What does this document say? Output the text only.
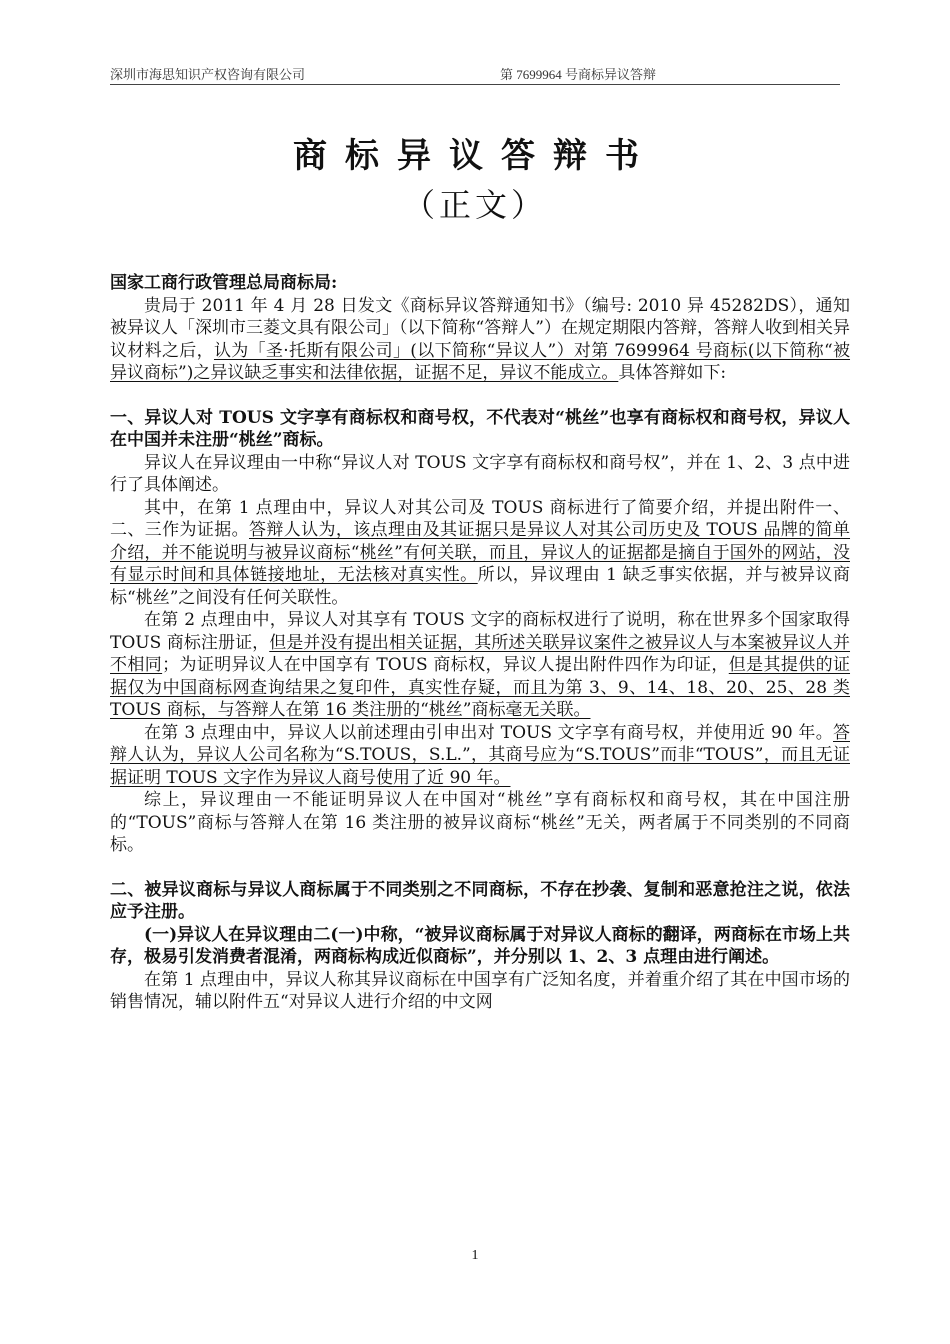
深圳市海思知识产权咨询有限公司	第 7699964 号商标异议答辩
商标异议答辩书
（正文）

国家工商行政管理总局商标局:

贵局于 2011 年 4 月 28 日发文《商标异议答辩通知书》（编号: 2010 异 45282DS），通知被异议人「深圳市三菱文具有限公司」（以下简称“答辩人”）在规定期限内答辩，答辩人收到相关异议材料之后，认为「圣·托斯有限公司」(以下简称“异议人”）对第 7699964 号商标(以下简称“被异议商标”)之异议缺乏事实和法律依据，证据不足，异议不能成立。具体答辩如下:

一、异议人对 TOUS 文字享有商标权和商号权，不代表对“桃丝”也享有商标权和商号权，异议人在中国并未注册“桃丝”商标。

异议人在异议理由一中称“异议人对 TOUS 文字享有商标权和商号权”，并在 1、2、3 点中进行了具体阐述。

其中，在第 1 点理由中，异议人对其公司及 TOUS 商标进行了简要介绍，并提出附件一、二、三作为证据。答辩人认为，该点理由及其证据只是异议人对其公司历史及 TOUS 品牌的简单介绍，并不能说明与被异议商标“桃丝”有何关联，而且，异议人的证据都是摘自于国外的网站，没有显示时间和具体链接地址，无法核对真实性。所以，异议理由 1 缺乏事实依据，并与被异议商标“桃丝”之间没有任何关联性。

在第 2 点理由中，异议人对其享有 TOUS 文字的商标权进行了说明，称在世界多个国家取得 TOUS 商标注册证，但是并没有提出相关证据，其所述关联异议案件之被异议人与本案被异议人并不相同；为证明异议人在中国享有 TOUS 商标权，异议人提出附件四作为印证，但是其提供的证据仅为中国商标网查询结果之复印件，真实性存疑，而且为第 3、9、14、18、20、25、28 类 TOUS 商标，与答辩人在第 16 类注册的“桃丝”商标毫无关联。

在第 3 点理由中，异议人以前述理由引申出对 TOUS 文字享有商号权，并使用近 90 年。答辩人认为，异议人公司名称为“S.TOUS，S.L.”，其商号应为“S.TOUS”而非“TOUS”，而且无证据证明 TOUS 文字作为异议人商号使用了近 90 年。

综上，异议理由一不能证明异议人在中国对“桃丝”享有商标权和商号权，其在中国注册的“TOUS”商标与答辩人在第 16 类注册的被异议商标“桃丝”无关，两者属于不同类别的不同商标。

二、被异议商标与异议人商标属于不同类别之不同商标，不存在抄袭、复制和恶意抢注之说，依法应予注册。

(一)异议人在异议理由二(一)中称，“被异议商标属于对异议人商标的翻译，两商标在市场上共存，极易引发消费者混淆，两商标构成近似商标”，并分别以 1、2、3 点理由进行阐述。

在第 1 点理由中，异议人称其异议商标在中国享有广泛知名度，并着重介绍了其在中国市场的销售情况，辅以附件五“对异议人进行介绍的中文网

1
